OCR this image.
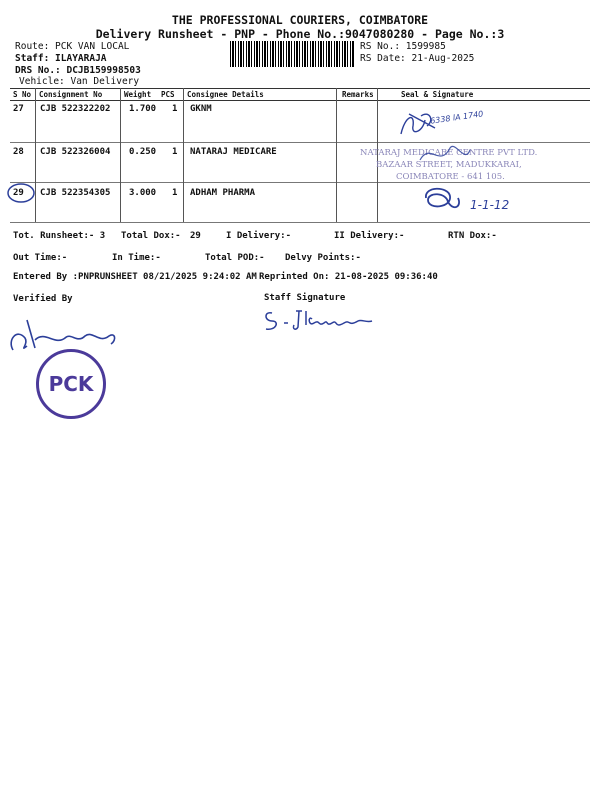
THE PROFESSIONAL COURIERS, COIMBATORE
Delivery Runsheet - PNP - Phone No.:9047080280 - Page No.:3
Route: PCK VAN LOCAL
Staff: ILAYARAJA
DRS No.: DCJB159998503
Vehicle: Van Delivery
RS No.: 1599985
RS Date: 21-Aug-2025
S No Consignment No	Weight PCS Consignee Details	Remarks	Seal & Signature
27 CJB 522322202 1.700 1 GKNM
28 CJB 522326004 0.250 1 NATARAJ MEDICARE
29 CJB 522354305 3.000 1 ADHAM PHARMA
6338 lA 1740
NATARAJ MEDICARE CENTRE PVT LTD.
BAZAAR STREET, MADUKKARAI,
COIMBATORE - 641 105.
1-1-12
Tot. Runsheet:- 3 Total Dox:- 29	I Delivery:-	II Delivery:-	RTN Dox:-
Out Time:-	In Time:-	Total POD:- Delvy Points:-
Entered By :PNPRUNSHEET 08/21/2025 9:24:02 AM Reprinted On: 21-08-2025 09:36:40
Verified By	Staff Signature
PCK
